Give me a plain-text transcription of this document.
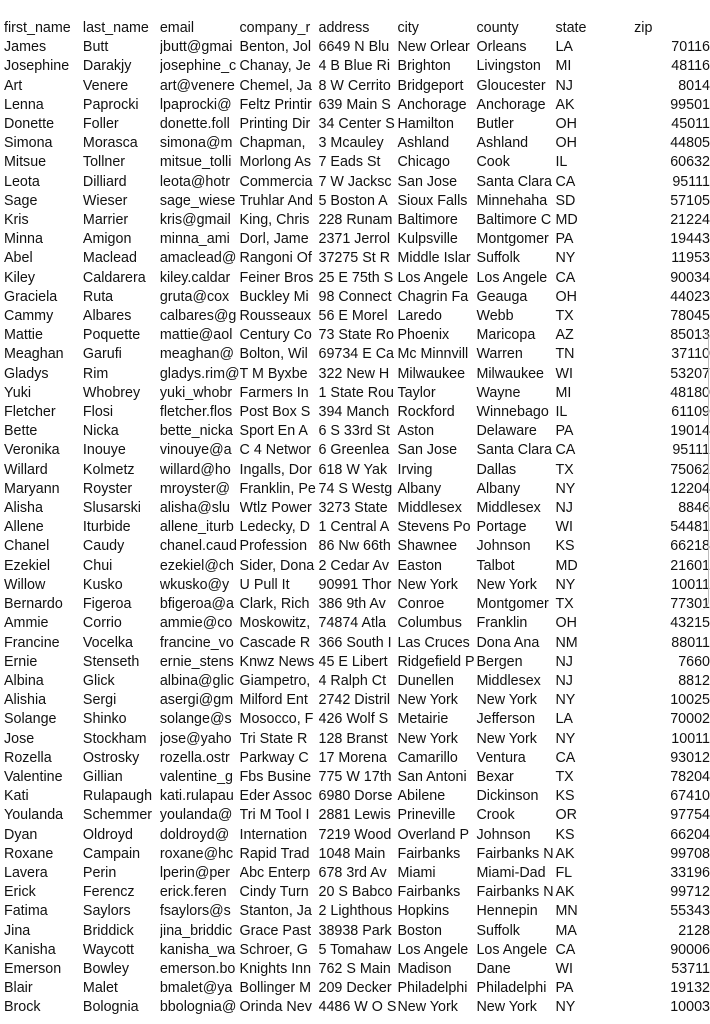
first_name	last_name	email	company_r	address	city	county	state	zip
James	Butt	jbutt@gmai	Benton, Jol	6649 N Blu	New Orlear	Orleans	LA	70116
Josephine	Darakjy	josephine_c	Chanay, Je	4 B Blue Ri	Brighton	Livingston	MI	48116
Art	Venere	art@venere	Chemel, Ja	8 W Cerrito	Bridgeport	Gloucester	NJ	8014
Lenna	Paprocki	lpaprocki@	Feltz Printir	639 Main S	Anchorage	Anchorage	AK	99501
Donette	Foller	donette.foll	Printing Dir	34 Center S	Hamilton	Butler	OH	45011
Simona	Morasca	simona@m	Chapman,	3 Mcauley	Ashland	Ashland	OH	44805
Mitsue	Tollner	mitsue_tolli	Morlong As	7 Eads St	Chicago	Cook	IL	60632
Leota	Dilliard	leota@hotr	Commercia	7 W Jacksc	San Jose	Santa Clara	CA	95111
Sage	Wieser	sage_wiese	Truhlar And	5 Boston A	Sioux Falls	Minnehaha	SD	57105
Kris	Marrier	kris@gmail	King, Chris	228 Runam	Baltimore	Baltimore C	MD	21224
Minna	Amigon	minna_ami	Dorl, Jame	2371 Jerrol	Kulpsville	Montgomer	PA	19443
Abel	Maclead	amaclead@	Rangoni Of	37275 St R	Middle Islar	Suffolk	NY	11953
Kiley	Caldarera	kiley.caldar	Feiner Bros	25 E 75th S	Los Angele	Los Angele	CA	90034
Graciela	Ruta	gruta@cox	Buckley Mi	98 Connect	Chagrin Fa	Geauga	OH	44023
Cammy	Albares	calbares@g	Rousseaux	56 E Morel	Laredo	Webb	TX	78045
Mattie	Poquette	mattie@aol	Century Co	73 State Ro	Phoenix	Maricopa	AZ	85013
Meaghan	Garufi	meaghan@	Bolton, Wil	69734 E Ca	Mc Minnvill	Warren	TN	37110
Gladys	Rim	gladys.rim@	T M Byxbe	322 New H	Milwaukee	Milwaukee	WI	53207
Yuki	Whobrey	yuki_whobr	Farmers In	1 State Rou	Taylor	Wayne	MI	48180
Fletcher	Flosi	fletcher.flos	Post Box S	394 Manch	Rockford	Winnebago	IL	61109
Bette	Nicka	bette_nicka	Sport En A	6 S 33rd St	Aston	Delaware	PA	19014
Veronika	Inouye	vinouye@a	C 4 Networ	6 Greenlea	San Jose	Santa Clara	CA	95111
Willard	Kolmetz	willard@ho	Ingalls, Dor	618 W Yak	Irving	Dallas	TX	75062
Maryann	Royster	mroyster@	Franklin, Pe	74 S Westg	Albany	Albany	NY	12204
Alisha	Slusarski	alisha@slu	Wtlz Power	3273 State	Middlesex	Middlesex	NJ	8846
Allene	Iturbide	allene_iturb	Ledecky, D	1 Central A	Stevens Po	Portage	WI	54481
Chanel	Caudy	chanel.caud	Profession	86 Nw 66th	Shawnee	Johnson	KS	66218
Ezekiel	Chui	ezekiel@ch	Sider, Dona	2 Cedar Av	Easton	Talbot	MD	21601
Willow	Kusko	wkusko@y	U Pull It	90991 Thor	New York	New York	NY	10011
Bernardo	Figeroa	bfigeroa@a	Clark, Rich	386 9th Av	Conroe	Montgomer	TX	77301
Ammie	Corrio	ammie@co	Moskowitz,	74874 Atla	Columbus	Franklin	OH	43215
Francine	Vocelka	francine_vo	Cascade R	366 South I	Las Cruces	Dona Ana	NM	88011
Ernie	Stenseth	ernie_stens	Knwz News	45 E Libert	Ridgefield P	Bergen	NJ	7660
Albina	Glick	albina@glic	Giampetro,	4 Ralph Ct	Dunellen	Middlesex	NJ	8812
Alishia	Sergi	asergi@gm	Milford Ent	2742 Distril	New York	New York	NY	10025
Solange	Shinko	solange@s	Mosocco, F	426 Wolf S	Metairie	Jefferson	LA	70002
Jose	Stockham	jose@yaho	Tri State R	128 Branst	New York	New York	NY	10011
Rozella	Ostrosky	rozella.ostr	Parkway C	17 Morena	Camarillo	Ventura	CA	93012
Valentine	Gillian	valentine_g	Fbs Busine	775 W 17th	San Antoni	Bexar	TX	78204
Kati	Rulapaugh	kati.rulapau	Eder Assoc	6980 Dorse	Abilene	Dickinson	KS	67410
Youlanda	Schemmer	youlanda@	Tri M Tool I	2881 Lewis	Prineville	Crook	OR	97754
Dyan	Oldroyd	doldroyd@	Internation	7219 Wood	Overland P	Johnson	KS	66204
Roxane	Campain	roxane@hc	Rapid Trad	1048 Main	Fairbanks	Fairbanks N	AK	99708
Lavera	Perin	lperin@per	Abc Enterp	678 3rd Av	Miami	Miami-Dad	FL	33196
Erick	Ferencz	erick.feren	Cindy Turn	20 S Babco	Fairbanks	Fairbanks N	AK	99712
Fatima	Saylors	fsaylors@s	Stanton, Ja	2 Lighthous	Hopkins	Hennepin	MN	55343
Jina	Briddick	jina_briddic	Grace Past	38938 Park	Boston	Suffolk	MA	2128
Kanisha	Waycott	kanisha_wa	Schroer, G	5 Tomahaw	Los Angele	Los Angele	CA	90006
Emerson	Bowley	emerson.bo	Knights Inn	762 S Main	Madison	Dane	WI	53711
Blair	Malet	bmalet@ya	Bollinger M	209 Decker	Philadelphi	Philadelphi	PA	19132
Brock	Bolognia	bbolognia@	Orinda Nev	4486 W O S	New York	New York	NY	10003
